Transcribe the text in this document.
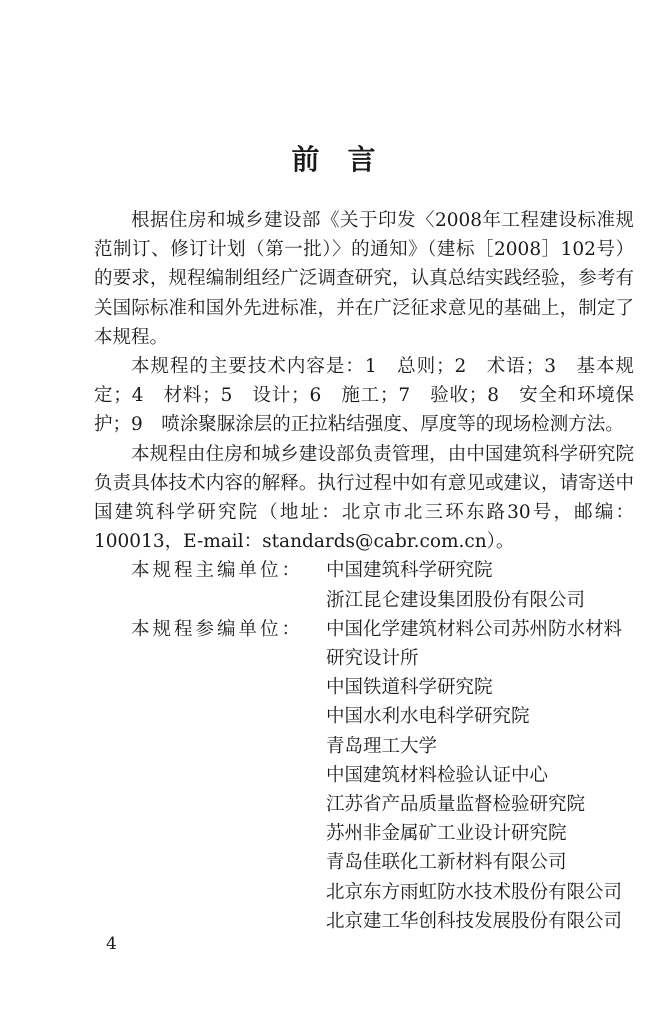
前　言

根据住房和城乡建设部《关于印发〈2008年工程建设标准规范制订、修订计划（第一批）〉的通知》（建标［2008］102号）的要求，规程编制组经广泛调查研究，认真总结实践经验，参考有关国际标准和国外先进标准，并在广泛征求意见的基础上，制定了本规程。

本规程的主要技术内容是：1　总则；2　术语；3　基本规定；4　材料；5　设计；6　施工；7　验收；8　安全和环境保护；9　喷涂聚脲涂层的正拉粘结强度、厚度等的现场检测方法。

本规程由住房和城乡建设部负责管理，由中国建筑科学研究院负责具体技术内容的解释。执行过程中如有意见或建议，请寄送中国建筑科学研究院（地址：北京市北三环东路30号，邮编：100013，E-mail：standards@cabr.com.cn）。

本规程主编单位：	中国建筑科学研究院
浙江昆仑建设集团股份有限公司
本规程参编单位：	中国化学建筑材料公司苏州防水材料
研究设计所
中国铁道科学研究院
中国水利水电科学研究院
青岛理工大学
中国建筑材料检验认证中心
江苏省产品质量监督检验研究院
苏州非金属矿工业设计研究院
青岛佳联化工新材料有限公司
北京东方雨虹防水技术股份有限公司
北京建工华创科技发展股份有限公司
4
